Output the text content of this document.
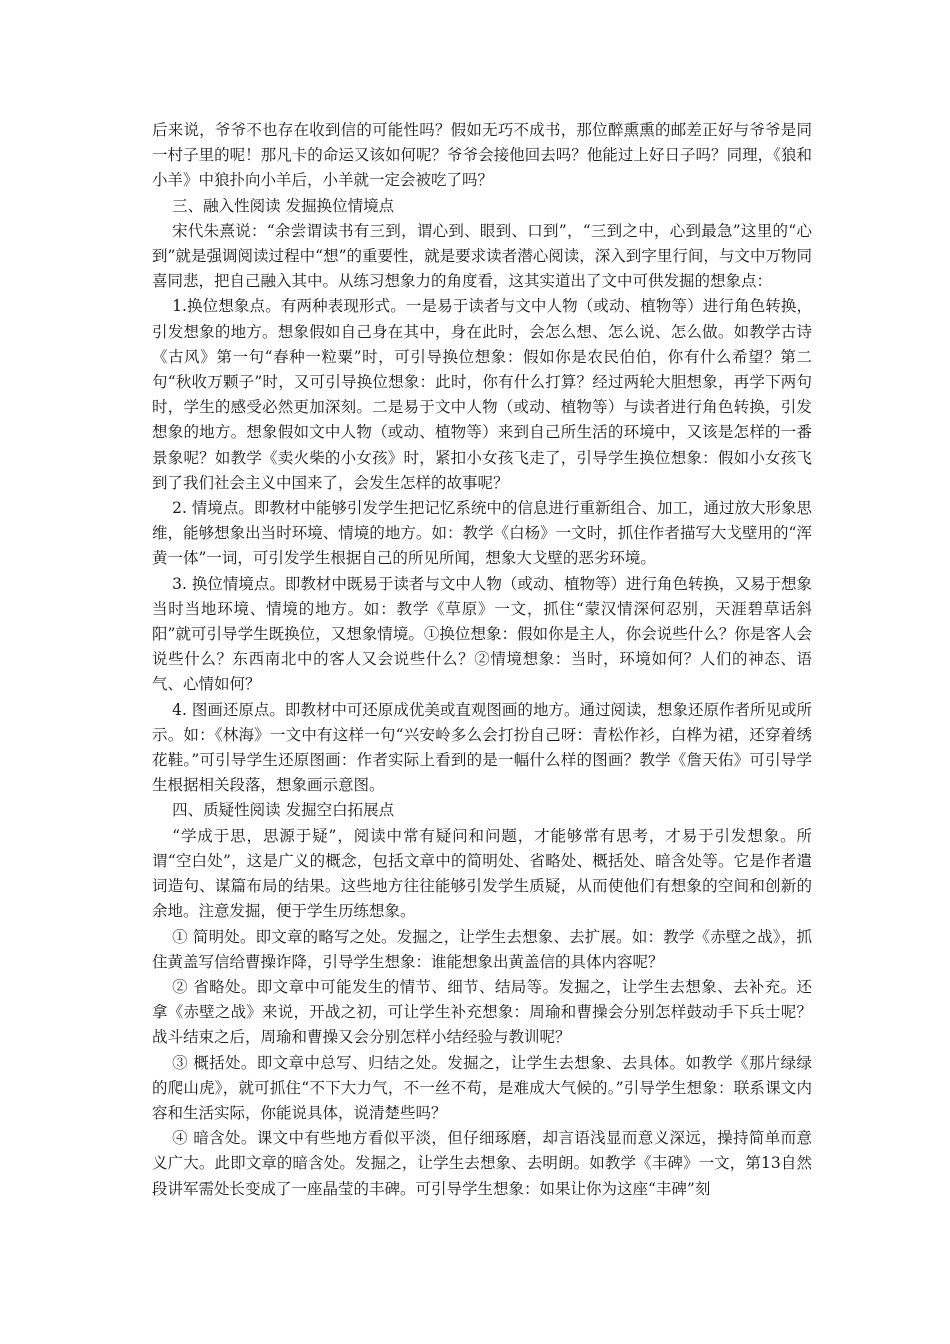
后来说，爷爷不也存在收到信的可能性吗？假如无巧不成书，那位醉熏熏的邮差正好与爷爷是同一村子里的呢！那凡卡的命运又该如何呢？爷爷会接他回去吗？他能过上好日子吗？同理，《狼和小羊》中狼扑向小羊后，小羊就一定会被吃了吗？

三、融入性阅读 发掘换位情境点

宋代朱熹说：“余尝谓读书有三到，谓心到、眼到、口到”，“三到之中，心到最急”这里的“心到”就是强调阅读过程中“想”的重要性，就是要求读者潜心阅读，深入到字里行间，与文中万物同喜同悲，把自己融入其中。从练习想象力的角度看，这其实道出了文中可供发掘的想象点：

1.换位想象点。有两种表现形式。一是易于读者与文中人物（或动、植物等）进行角色转换，引发想象的地方。想象假如自己身在其中，身在此时，会怎么想、怎么说、怎么做。如教学古诗《古风》第一句“春种一粒粟”时，可引导换位想象：假如你是农民伯伯，你有什么希望？第二句“秋收万颗子”时，又可引导换位想象：此时，你有什么打算？经过两轮大胆想象，再学下两句时，学生的感受必然更加深刻。二是易于文中人物（或动、植物等）与读者进行角色转换，引发想象的地方。想象假如文中人物（或动、植物等）来到自己所生活的环境中，又该是怎样的一番景象呢？如教学《卖火柴的小女孩》时，紧扣小女孩飞走了，引导学生换位想象：假如小女孩飞到了我们社会主义中国来了，会发生怎样的故事呢？

2. 情境点。即教材中能够引发学生把记忆系统中的信息进行重新组合、加工，通过放大形象思维，能够想象出当时环境、情境的地方。如：教学《白杨》一文时，抓住作者描写大戈壁用的“浑黄一体”一词，可引发学生根据自己的所见所闻，想象大戈壁的恶劣环境。

3. 换位情境点。即教材中既易于读者与文中人物（或动、植物等）进行角色转换，又易于想象当时当地环境、情境的地方。如：教学《草原》一文，抓住“蒙汉情深何忍别，天涯碧草话斜阳”就可引导学生既换位，又想象情境。①换位想象：假如你是主人，你会说些什么？你是客人会说些什么？东西南北中的客人又会说些什么？②情境想象：当时，环境如何？人们的神态、语气、心情如何？

4. 图画还原点。即教材中可还原成优美或直观图画的地方。通过阅读，想象还原作者所见或所示。如：《林海》一文中有这样一句“兴安岭多么会打扮自己呀：青松作衫，白桦为裙，还穿着绣花鞋。”可引导学生还原图画：作者实际上看到的是一幅什么样的图画？教学《詹天佑》可引导学生根据相关段落，想象画示意图。

四、质疑性阅读 发掘空白拓展点

“学成于思，思源于疑”，阅读中常有疑问和问题，才能够常有思考，才易于引发想象。所谓“空白处”，这是广义的概念，包括文章中的简明处、省略处、概括处、暗含处等。它是作者遣词造句、谋篇布局的结果。这些地方往往能够引发学生质疑，从而使他们有想象的空间和创新的余地。注意发掘，便于学生历练想象。

① 简明处。即文章的略写之处。发掘之，让学生去想象、去扩展。如：教学《赤壁之战》，抓住黄盖写信给曹操诈降，引导学生想象：谁能想象出黄盖信的具体内容呢？

② 省略处。即文章中可能发生的情节、细节、结局等。发掘之，让学生去想象、去补充。还拿《赤壁之战》来说，开战之初，可让学生补充想象：周瑜和曹操会分别怎样鼓动手下兵士呢？战斗结束之后，周瑜和曹操又会分别怎样小结经验与教训呢？

③ 概括处。即文章中总写、归结之处。发掘之，让学生去想象、去具体。如教学《那片绿绿的爬山虎》，就可抓住“不下大力气，不一丝不苟，是难成大气候的。”引导学生想象：联系课文内容和生活实际，你能说具体，说清楚些吗？

④ 暗含处。课文中有些地方看似平淡，但仔细琢磨，却言语浅显而意义深远，操持简单而意义广大。此即文章的暗含处。发掘之，让学生去想象、去明朗。如教学《丰碑》一文，第13自然段讲军需处长变成了一座晶莹的丰碑。可引导学生想象：如果让你为这座“丰碑”刻
